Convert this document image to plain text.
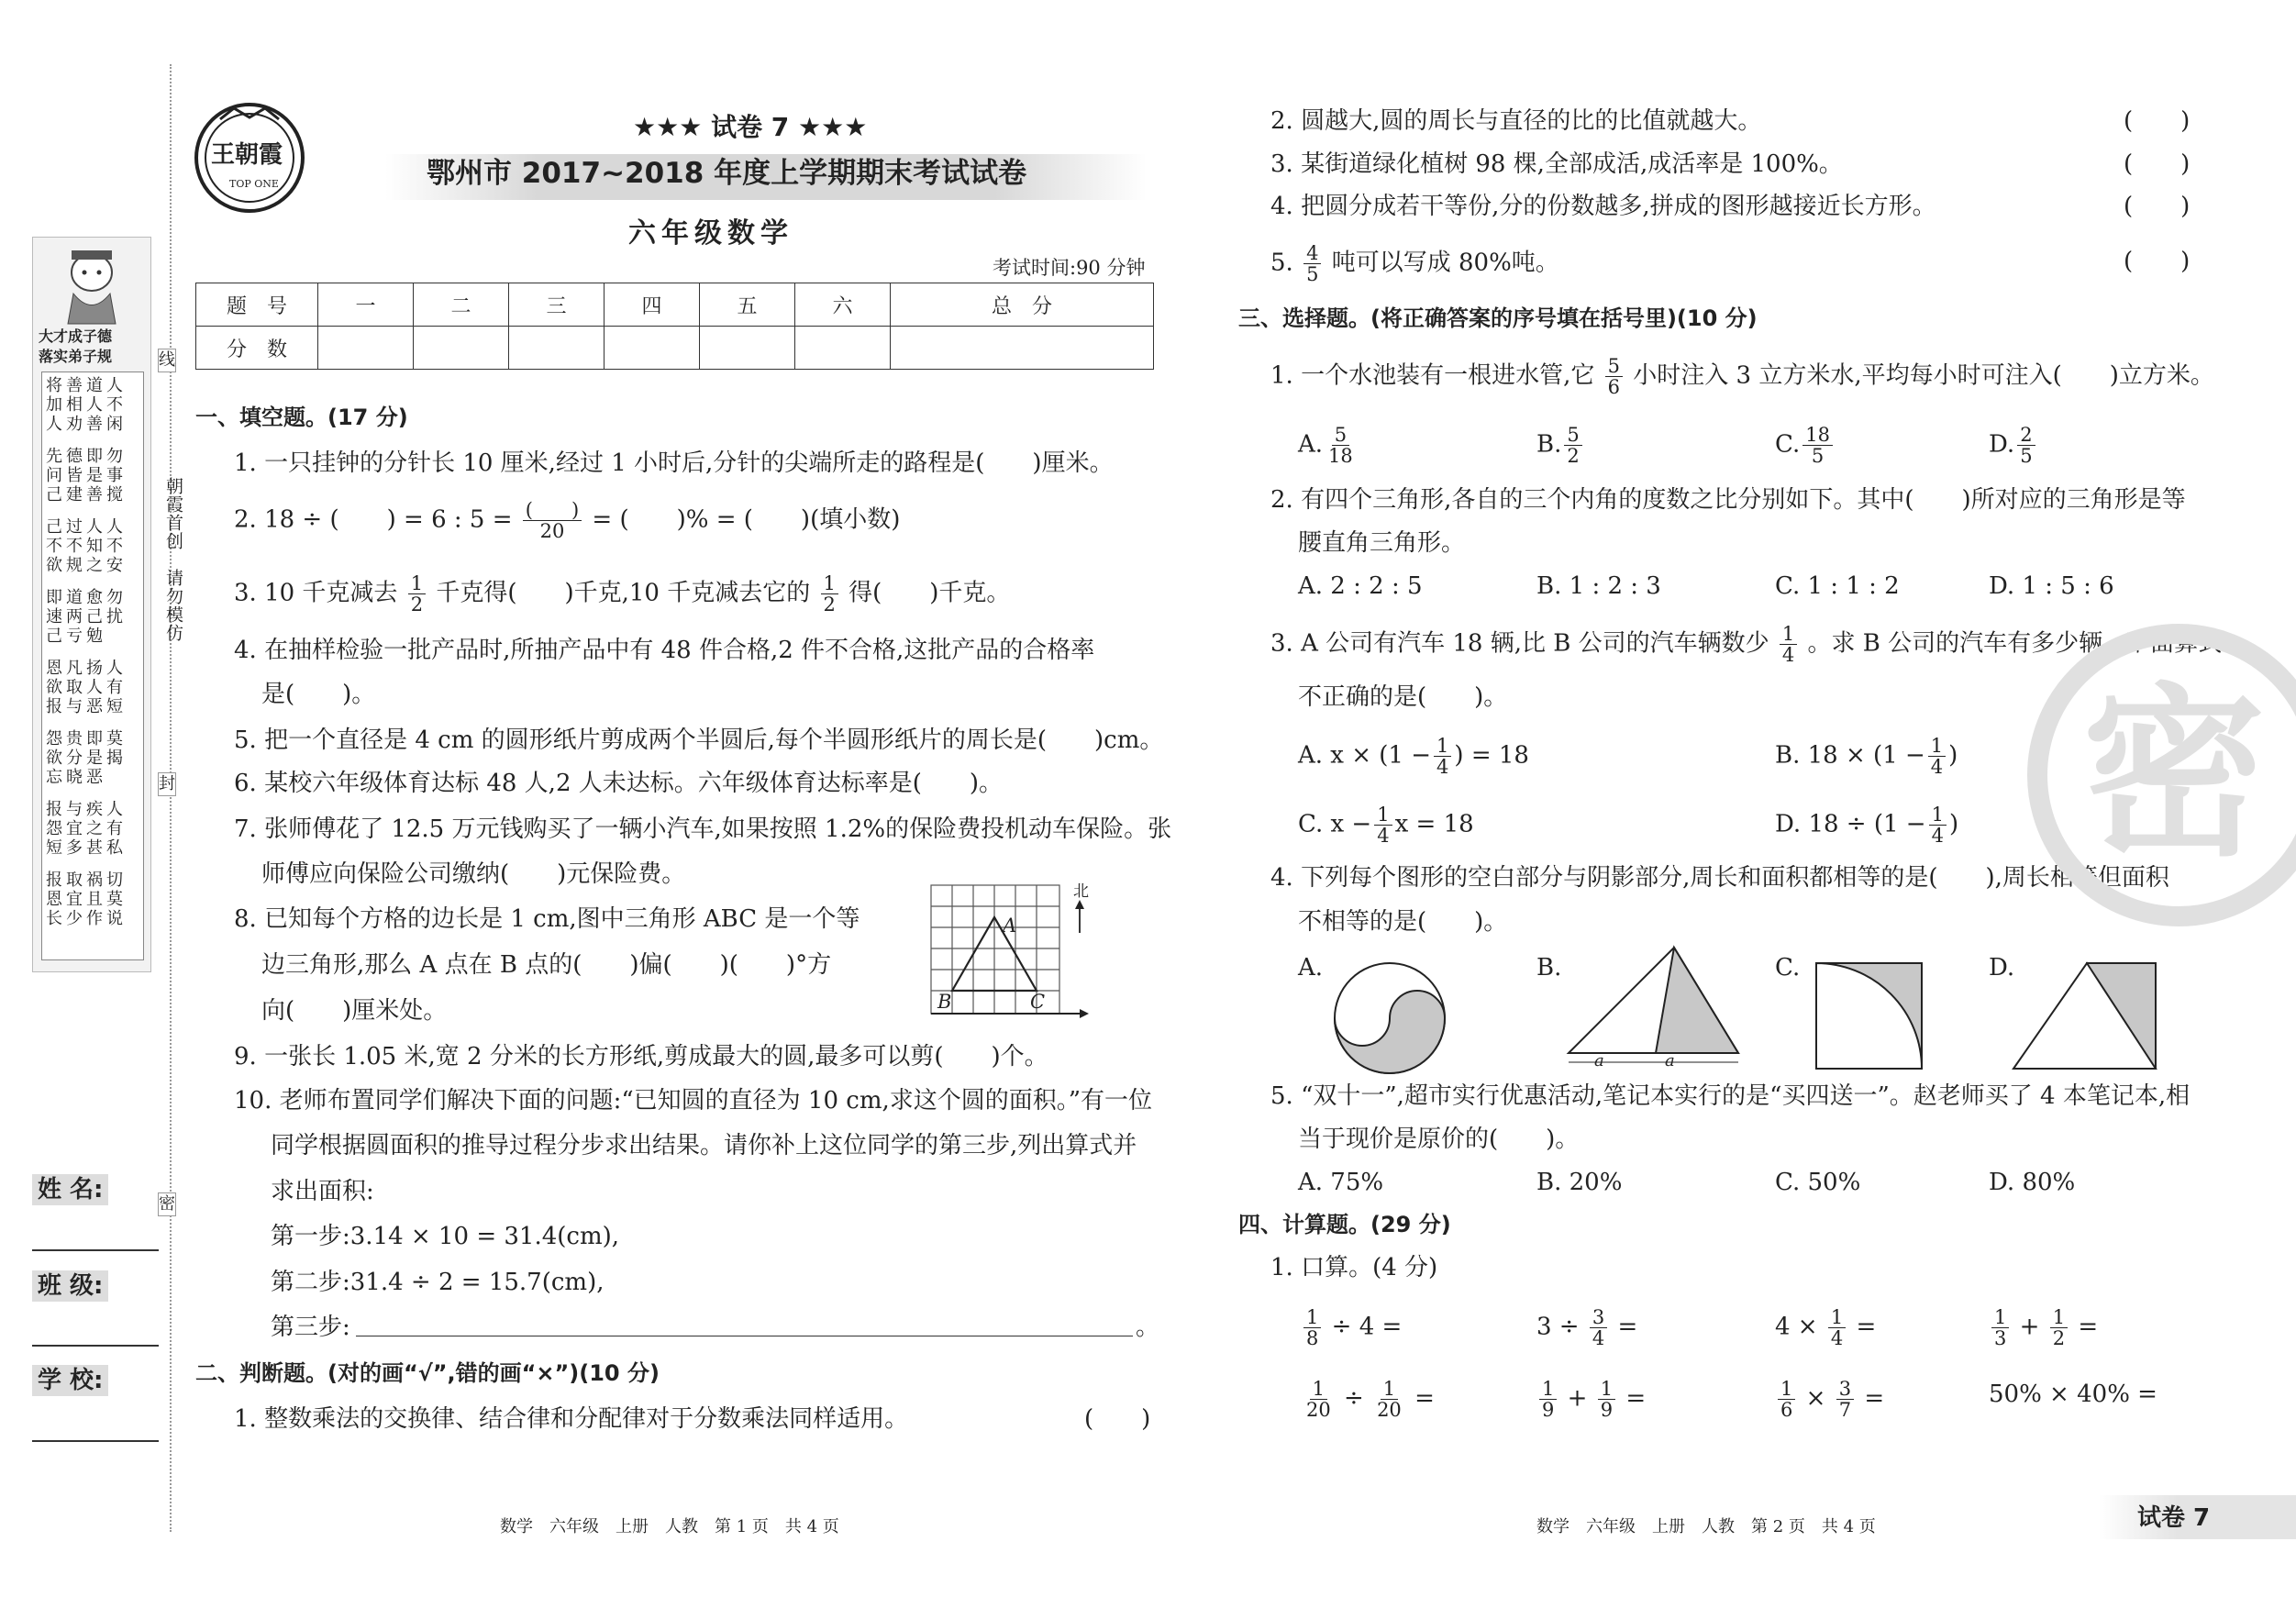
大才成子德
落实弟子规
将善道人
加相人不
人劝善闲
先德即勿
问皆是事
己建善搅
己过人人
不不知不
欲规之安
即道愈勿
速两己扰
己亏勉
恩凡扬人
欲取人有
报与恶短
怨贵即莫
欲分是揭
忘晓恶
报与疾人
怨宜之有
短多甚私
报取祸切
恩宜且莫
长少作说
线
封
密
朝霞首创
请勿模仿
姓 名:
班 级:
学 校:
王朝霞
TOP ONE
★★★ 试卷 7 ★★★
鄂州市 2017~2018 年度上学期期末考试试卷
六年级数学
考试时间:90 分钟
题　号	一	二	三	四	五	六	总　分
分　数							
一、填空题。(17 分)
1. 一只挂钟的分针长 10 厘米,经过 1 小时后,分针的尖端所走的路程是(　　)厘米。
2. 18 ÷ (　　) = 6 : $5 = \frac{( )}{20}$ = (　　)% = (　　)(填小数)
3. 10 千克减去 $\frac{1}{2}$ 千克得(　　)千克,10 千克减去它的 $\frac{1}{2}$ 得(　　)千克。
4. 在抽样检验一批产品时,所抽产品中有 48 件合格,2 件不合格,这批产品的合格率
是(　　)。
5. 把一个直径是 4 cm 的圆形纸片剪成两个半圆后,每个半圆形纸片的周长是(　　)cm。
6. 某校六年级体育达标 48 人,2 人未达标。六年级体育达标率是(　　)。
7. 张师傅花了 12.5 万元钱购买了一辆小汽车,如果按照 1.2%的保险费投机动车保险。张
师傅应向保险公司缴纳(　　)元保险费。
8. 已知每个方格的边长是 1 cm,图中三角形 ABC 是一个等
边三角形,那么 A 点在 B 点的(　　)偏(　　)(　　)°方
向(　　)厘米处。
A
B	C
北
9. 一张长 1.05 米,宽 2 分米的长方形纸,剪成最大的圆,最多可以剪(　　)个。
10. 老师布置同学们解决下面的问题:“已知圆的直径为 10 cm,求这个圆的面积。”有一位
同学根据圆面积的推导过程分步求出结果。请你补上这位同学的第三步,列出算式并
求出面积:
第一步:3.14 × 10 = 31.4(cm),
第二步:31.4 ÷ 2 = 15.7(cm),
第三步:	。
二、判断题。(对的画“√”,错的画“×”)(10 分)
1. 整数乘法的交换律、结合律和分配律对于分数乘法同样适用。	(　　)
2. 圆越大,圆的周长与直径的比的比值就越大。	(　　)
3. 某街道绿化植树 98 棵,全部成活,成活率是 100%。	(　　)
4. 把圆分成若干等份,分的份数越多,拼成的图形越接近长方形。	(　　)
5. $\frac{4}{5}$ 吨可以写成 80%吨。	(　　)
三、选择题。(将正确答案的序号填在括号里)(10 分)
1. 一个水池装有一根进水管,它 $\frac{5}{6}$ 小时注入 3 立方米水,平均每小时可注入(　　)立方米。
A. $\frac{5}{18}$	B. $\frac{5}{2}$	C. $\frac{18}{5}$	D. $\frac{2}{5}$
2. 有四个三角形,各自的三个内角的度数之比分别如下。其中(　　)所对应的三角形是等
腰直角三角形。
A. 2 : 2 : 5	B. 1 : 2 : 3	C. 1 : 1 : 2	D. 1 : 5 : 6
3. A 公司有汽车 18 辆,比 B 公司的汽车辆数少 $\frac{1}{4}$ 。求 B 公司的汽车有多少辆。下面算式
不正确的是(　　)。
A. $x \times (1 - \frac{1}{4}$ ) = 18	B. $18 \times (1 - \frac{1}{4}$ )
C. $x - \frac{1}{4}$ x = 18	D. $18 \div (1 - \frac{1}{4}$ )
4. 下列每个图形的空白部分与阴影部分,周长和面积都相等的是(　　),周长相等但面积
不相等的是(　　)。
A.	B.	C.	D.
a	a
5. “双十一”,超市实行优惠活动,笔记本实行的是“买四送一”。赵老师买了 4 本笔记本,相
当于现价是原价的(　　)。
A. 75%	B. 20%	C. 50%	D. 80%
四、计算题。(29 分)
1. 口算。(4 分)
$\frac{1}{8} \div 4$ =	$3 \div \frac{3}{4}$ =	$4 \times \frac{1}{4}$ =	$\frac{1}{3} + \frac{1}{2}$ =
$\frac{1}{20} \div \frac{1}{20}$ =	$\frac{1}{9} + \frac{1}{9}$ =	$\frac{1}{6} \times \frac{3}{7}$ =	50% × 40% =
密
数学　六年级　上册　人教　第 1 页　共 4 页	数学　六年级　上册　人教　第 2 页　共 4 页	试卷 7
